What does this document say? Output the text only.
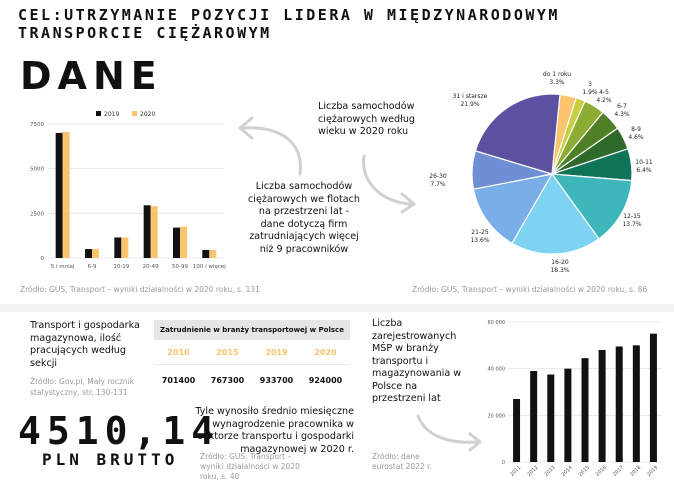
CEL:UTRZYMANIE POZYCJI LIDERA W MIĘDZYNARODOWYM
TRANSPORCIE CIĘŻAROWYM
DANE
0
2500
5000
7500
5 i mniej 6-9	10-19 20-49 50-99 100 i więcej
2019	2020
Liczba samochodów ciężarowych we flotach na przestrzeni lat - dane dotyczą firm zatrudniających więcej niż 9 pracowników
Liczba samochodów ciężarowych według wieku w 2020 roku
do 1 roku
3.3%	3
1.9% 4-5
4.2%
6-7
4.3%
8-9
4.6%
10-11
6.4%
12-15
13.7%
16-20
18.3%
21-25
13.6%
26-30
7.7%
31 i starsze
21.9%
Źródło: GUS, Transport – wyniki działalności w 2020 roku, s. 131	Źródło: GUS, Transport – wyniki działalności w 2020 roku, s. 86
Transport i gospodarka magazynowa, ilość pracujących według sekcji
Źródło: Gov.pl, Mały rocznik statystyczny, str. 130-131
Zatrudnienie w branży transportowej w Polsce
2010	2015	2019	2020
701400	767300	933700	924000
4510,14
PLN BRUTTO
Tyle wynosiło średnio miesięczne wynagrodzenie pracownika w sektorze transportu i gospodarki magazynowej w 2020 r.
Źródło: GUS, Transport – wyniki działalności w 2020 roku, s. 40
Liczba zarejestrowanych MŚP w branży transportu i magazynowania w Polsce na przestrzeni lat
Źródło: dane eurostat 2022 r.	0
20 000
40 000
60 000
2011 2012 2013 2014 2015 2016 2017 2018 2019
